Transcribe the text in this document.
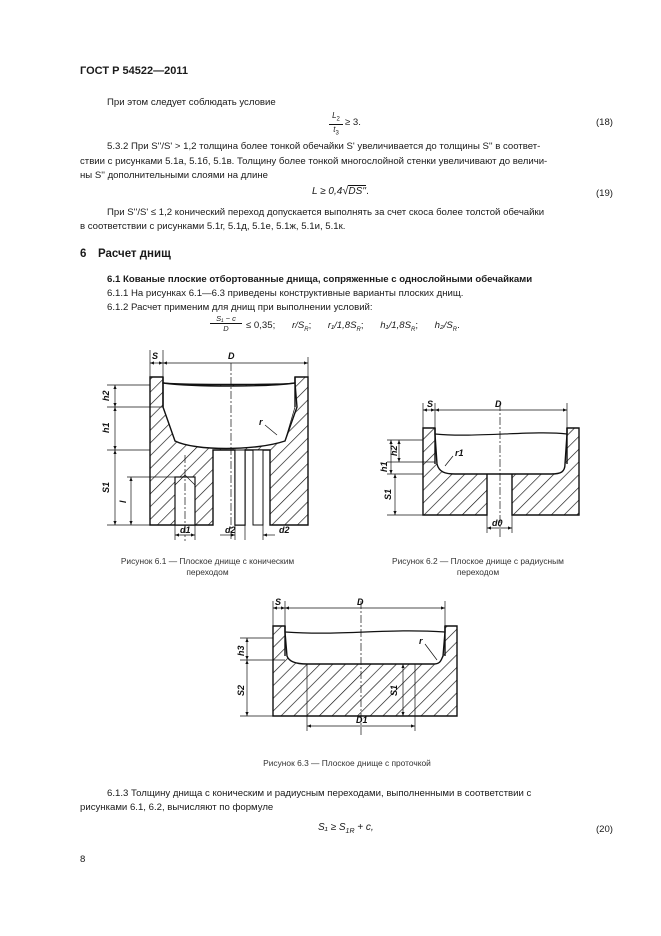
ГОСТ Р 54522—2011
При этом следует соблюдать условие
$L_2$
$t_3$
≥ 3.	(18)
5.3.2 При S''/S' > 1,2 толщина более тонкой обечайки S' увеличивается до толщины S'' в соответ-
ствии с рисунками 5.1а, 5.1б, 5.1в. Толщину более тонкой многослойной стенки увеличивают до величи-
ны S'' дополнительными слоями на длине
L ≥ 0,4√DS''.	(19)
При S''/S' ≤ 1,2 конический переход допускается выполнять за счет скоса более толстой обечайки
в соответствии с рисунками 5.1г, 5.1д, 5.1е, 5.1ж, 5.1и, 5.1к.
6 Расчет днищ
6.1 Кованые плоские отбортованные днища, сопряженные с однослойными обечайками
6.1.1 На рисунках 6.1—6.3 приведены конструктивные варианты плоских днищ.
6.1.2 Расчет применим для днищ при выполнении условий:
S₁ − c
D	≤ 0,35; $r/S_R$; $r_1/1,8S_R$; $h_1/1,8S_R$; $h_2/S_R$.
S	D
h2
h1
S1
l
r
d1	d2	d2
Рисунок 6.1 — Плоское днище с коническим переходом
S	D
h1
h2
S1
r1
d0
Рисунок 6.2 — Плоское днище с радиусным переходом
S	D
h3
S2	S1
r
D1
Рисунок 6.3 — Плоское днище с проточкой
6.1.3 Толщину днища с коническим и радиусным переходами, выполненными в соответствии с
рисунками 6.1, 6.2, вычисляют по формуле
$S_1 \ge S_{1R} + c$,	(20)
8
